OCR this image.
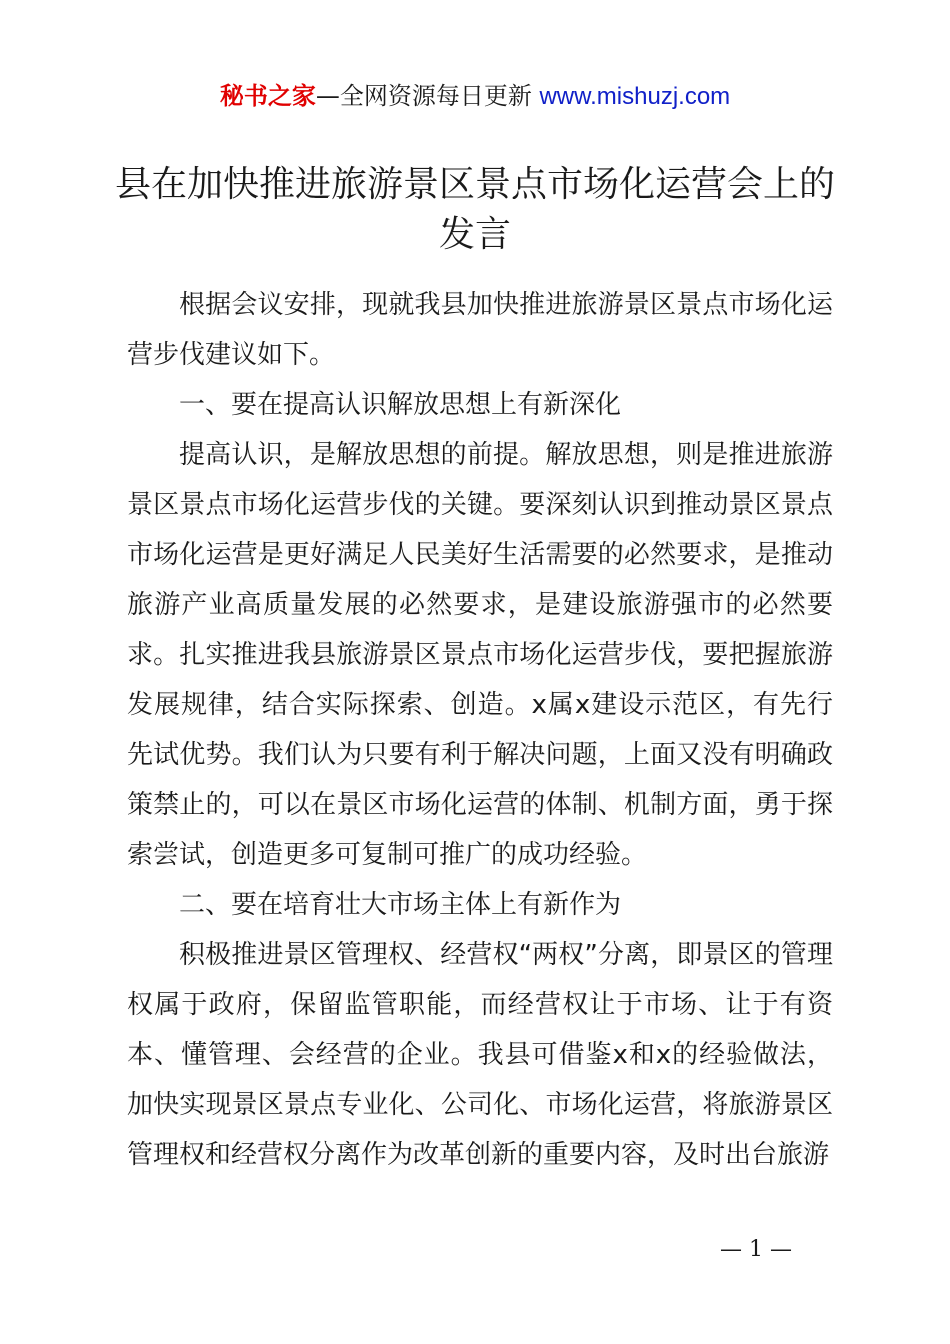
秘书之家—全网资源每日更新 www.mishuzj.com
县在加快推进旅游景区景点市场化运营会上的
发言

根据会议安排，现就我县加快推进旅游景区景点市场化运营步伐建议如下。

一、要在提高认识解放思想上有新深化

提高认识，是解放思想的前提。解放思想，则是推进旅游景区景点市场化运营步伐的关键。要深刻认识到推动景区景点市场化运营是更好满足人民美好生活需要的必然要求，是推动旅游产业高质量发展的必然要求，是建设旅游强市的必然要求。扎实推进我县旅游景区景点市场化运营步伐，要把握旅游发展规律，结合实际探索、创造。x属x建设示范区，有先行先试优势。我们认为只要有利于解决问题，上面又没有明确政策禁止的，可以在景区市场化运营的体制、机制方面，勇于探索尝试，创造更多可复制可推广的成功经验。

二、要在培育壮大市场主体上有新作为

积极推进景区管理权、经营权“两权”分离，即景区的管理权属于政府，保留监管职能，而经营权让于市场、让于有资本、懂管理、会经营的企业。我县可借鉴x和x的经验做法，加快实现景区景点专业化、公司化、市场化运营，将旅游景区管理权和经营权分离作为改革创新的重要内容，及时出台旅游

— 1 —
